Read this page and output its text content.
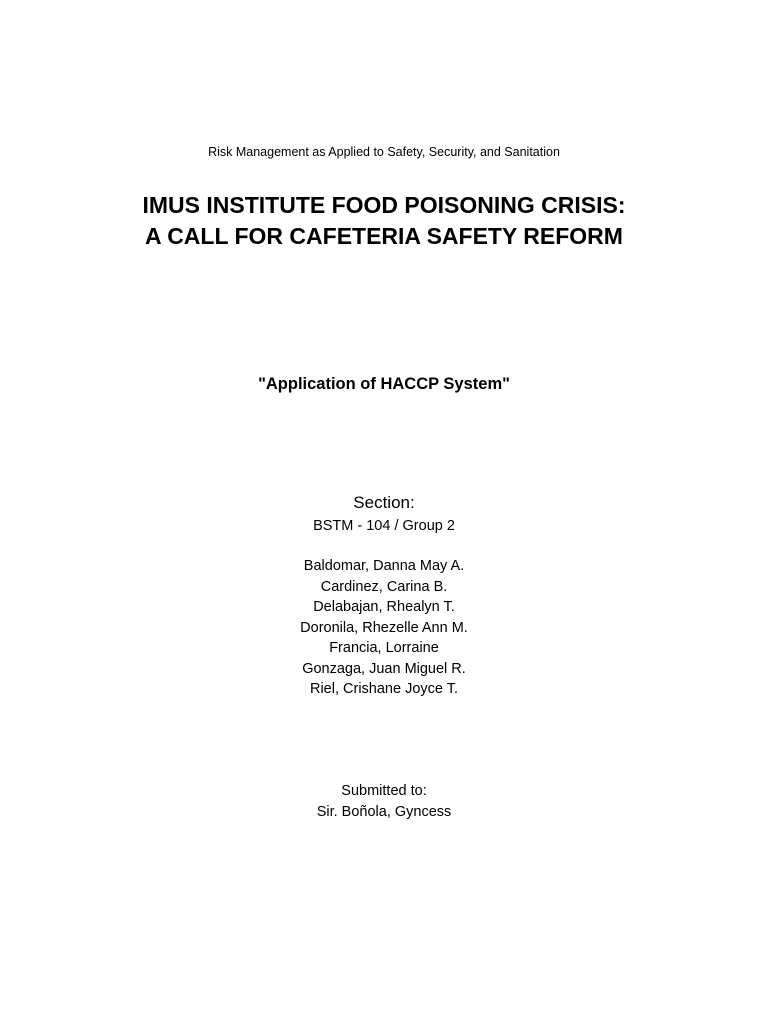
Risk Management as Applied to Safety, Security, and Sanitation
IMUS INSTITUTE FOOD POISONING CRISIS:
A CALL FOR CAFETERIA SAFETY REFORM
"Application of HACCP System"
Section:
BSTM - 104 / Group 2
Baldomar, Danna May A.
Cardinez, Carina B.
Delabajan, Rhealyn T.
Doronila, Rhezelle Ann M.
Francia, Lorraine
Gonzaga, Juan Miguel R.
Riel, Crishane Joyce T.
Submitted to:
Sir. Boñola, Gyncess
